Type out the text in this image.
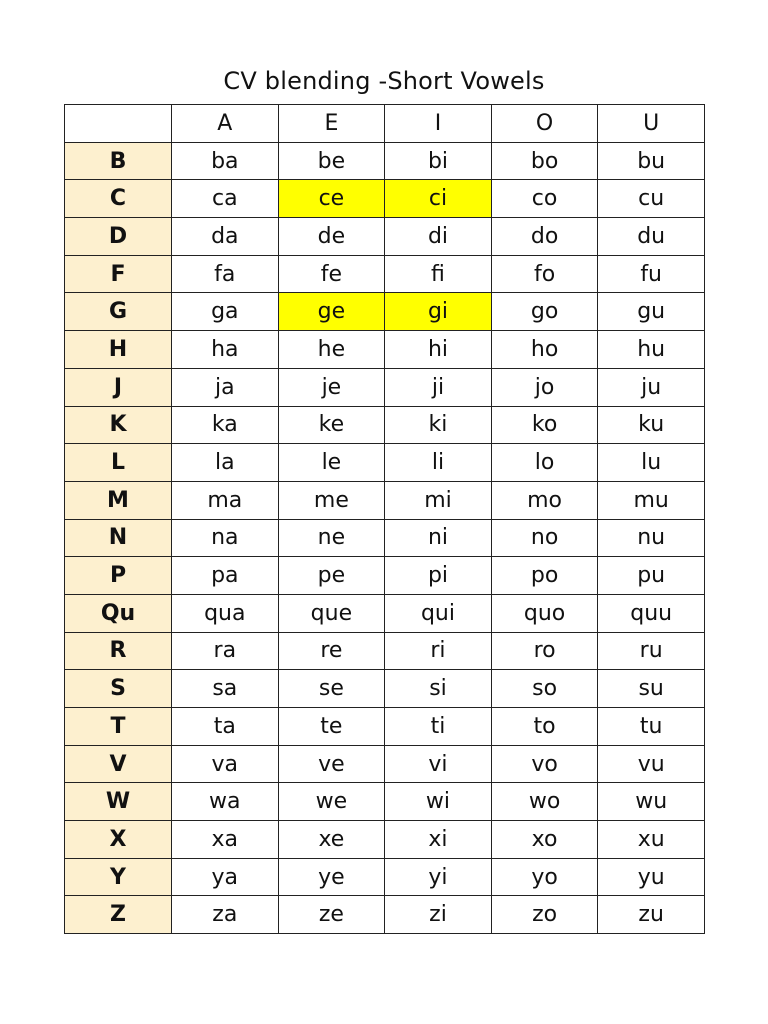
CV blending -Short Vowels
	A	E	I	O	U
B	ba	be	bi	bo	bu
C	ca	ce	ci	co	cu
D	da	de	di	do	du
F	fa	fe	fi	fo	fu
G	ga	ge	gi	go	gu
H	ha	he	hi	ho	hu
J	ja	je	ji	jo	ju
K	ka	ke	ki	ko	ku
L	la	le	li	lo	lu
M	ma	me	mi	mo	mu
N	na	ne	ni	no	nu
P	pa	pe	pi	po	pu
Qu	qua	que	qui	quo	quu
R	ra	re	ri	ro	ru
S	sa	se	si	so	su
T	ta	te	ti	to	tu
V	va	ve	vi	vo	vu
W	wa	we	wi	wo	wu
X	xa	xe	xi	xo	xu
Y	ya	ye	yi	yo	yu
Z	za	ze	zi	zo	zu
